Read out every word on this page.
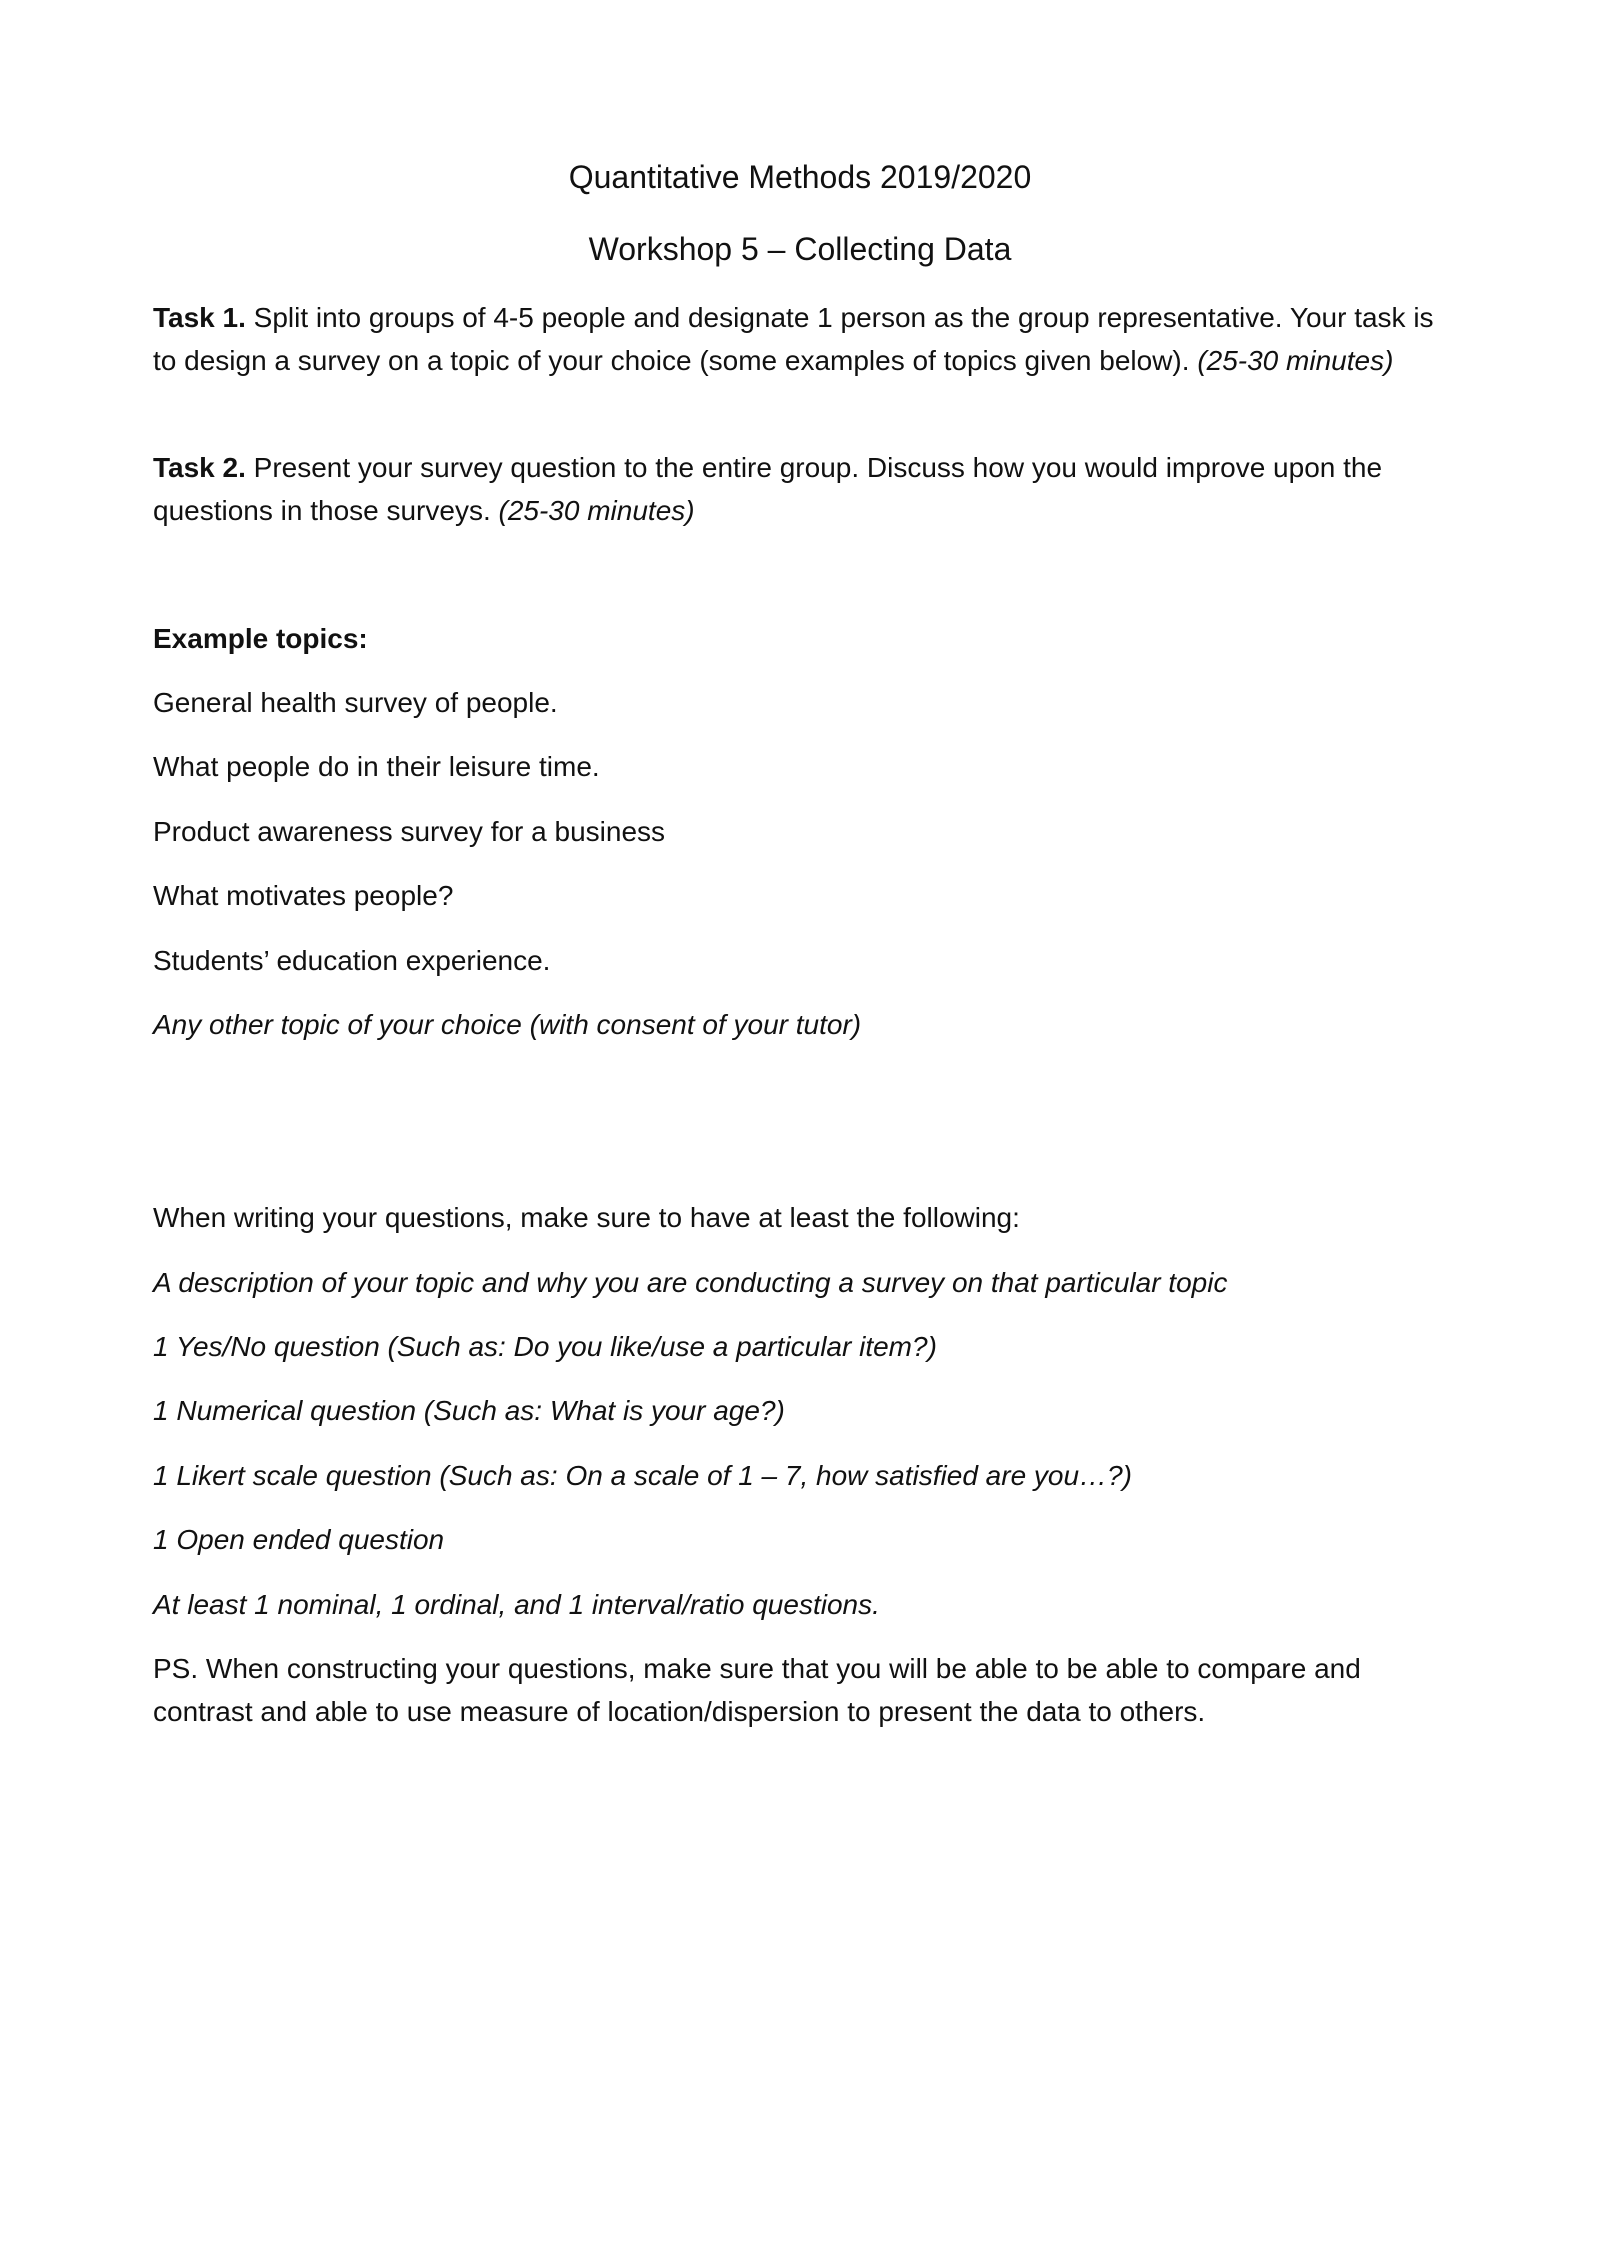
Quantitative Methods 2019/2020
Workshop 5 – Collecting Data
Task 1. Split into groups of 4-5 people and designate 1 person as the group representative. Your task is to design a survey on a topic of your choice (some examples of topics given below). (25-30 minutes)
Task 2. Present your survey question to the entire group. Discuss how you would improve upon the questions in those surveys. (25-30 minutes)
Example topics:
General health survey of people.
What people do in their leisure time.
Product awareness survey for a business
What motivates people?
Students’ education experience.
Any other topic of your choice (with consent of your tutor)
When writing your questions, make sure to have at least the following:
A description of your topic and why you are conducting a survey on that particular topic
1 Yes/No question (Such as: Do you like/use a particular item?)
1 Numerical question (Such as: What is your age?)
1 Likert scale question (Such as: On a scale of 1 – 7, how satisfied are you…?)
1 Open ended question
At least 1 nominal, 1 ordinal, and 1 interval/ratio questions.
PS. When constructing your questions, make sure that you will be able to be able to compare and contrast and able to use measure of location/dispersion to present the data to others.
